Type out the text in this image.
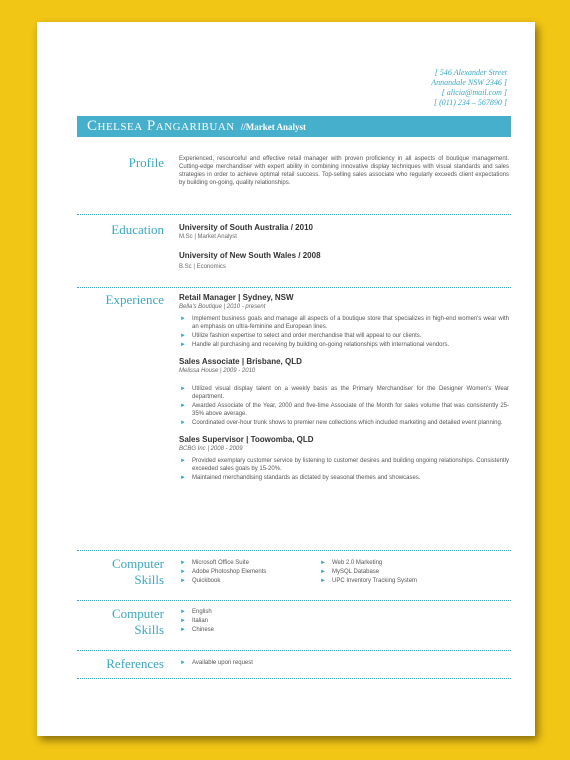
[ 546 Alexander Street
Annandale NSW 2346 ]
[ alicia@mail.com ]
[ (011) 234 – 567890 ]
Chelsea Pangaribuan //Market Analyst
Profile	Experienced, resourceful and effective retail manager with proven proficiency in all aspects of boutique management. Cutting-edge merchandiser with expert ability in combining innovative display techniques with visual standards and sales strategies in order to achieve optimal retail success. Top-selling sales associate who regularly exceeds client expectations by building on-going, quality relationships.
Education University of South Australia / 2010
M.Sc | Market Analyst
University of New South Wales / 2008
B.Sc | Economics
Experience Retail Manager | Sydney, NSW
Bella's Boutique | 2010 - present
► Implement business goals and manage all aspects of a boutique store that specializes in high-end women's wear with an emphasis on ultra-feminine and European lines.
► Utilize fashion expertise to select and order merchandise that will appeal to our clients.
► Handle all purchasing and receiving by building on-going relationships with international vendors.
Sales Associate | Brisbane, QLD
Melissa House | 2009 - 2010
► Utilized visual display talent on a weekly basis as the Primary Merchandiser for the Designer Women's Wear department.
► Awarded Associate of the Year, 2000 and five-time Associate of the Month for sales volume that was consistently 25-35% above average.
► Coordinated over-hour trunk shows to premier new collections which included marketing and detailed event planning.
Sales Supervisor | Toowomba, QLD
BCBG Inc | 2008 - 2009
► Provided exemplary customer service by listening to customer desires and building ongoing relationships. Consistently exceeded sales goals by 15-20%.
► Maintained merchandising standards as dictated by seasonal themes and showcases.
Computer
Skills
► Microsoft Office Suite
► Adobe Photoshop Elements
► Quickbook
► Web 2.0 Marketing
► MySQL Database
► UPC Inventory Tracking System
Computer
Skills
► English
► Italian
► Chinese
References	► Available upon request
